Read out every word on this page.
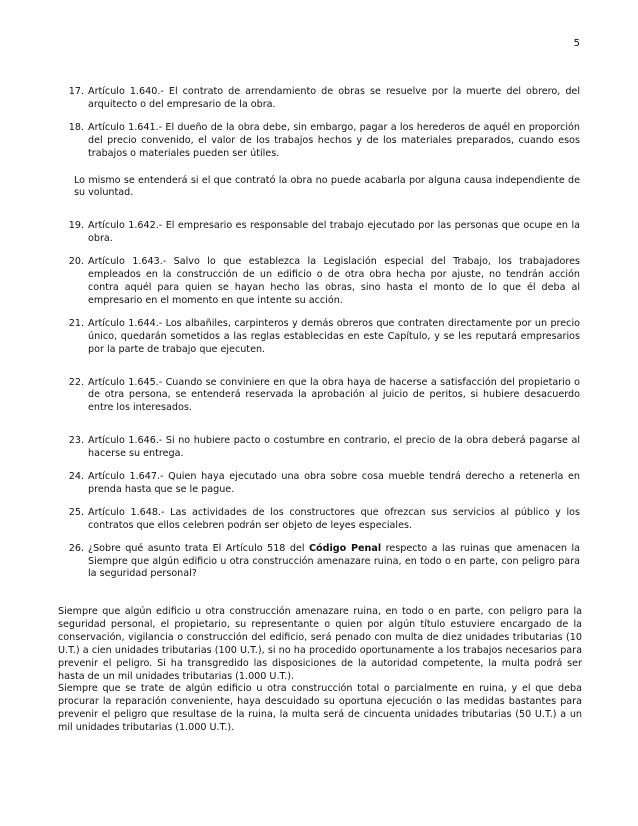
5
17. Artículo 1.640.- El contrato de arrendamiento de obras se resuelve por la muerte del obrero, del arquitecto o del empresario de la obra.
18. Artículo 1.641.- El dueño de la obra debe, sin embargo, pagar a los herederos de aquél en proporción del precio convenido, el valor de los trabajos hechos y de los materiales preparados, cuando esos trabajos o materiales pueden ser útiles.

Lo mismo se entenderá si el que contrató la obra no puede acabarla por alguna causa independiente de su voluntad.

19. Artículo 1.642.- El empresario es responsable del trabajo ejecutado por las personas que ocupe en la obra.
20. Artículo 1.643.- Salvo lo que establezca la Legislación especial del Trabajo, los trabajadores empleados en la construcción de un edificio o de otra obra hecha por ajuste, no tendrán acción contra aquél para quien se hayan hecho las obras, sino hasta el monto de lo que él deba al empresario en el momento en que intente su acción.
21. Artículo 1.644.- Los albañiles, carpinteros y demás obreros que contraten directamente por un precio único, quedarán sometidos a las reglas establecidas en este Capítulo, y se les reputará empresarios por la parte de trabajo que ejecuten.
22. Artículo 1.645.- Cuando se conviniere en que la obra haya de hacerse a satisfacción del propietario o de otra persona, se entenderá reservada la aprobación al juicio de peritos, si hubiere desacuerdo entre los interesados.
23. Artículo 1.646.- Si no hubiere pacto o costumbre en contrario, el precio de la obra deberá pagarse al hacerse su entrega.
24. Artículo 1.647.- Quien haya ejecutado una obra sobre cosa mueble tendrá derecho a retenerla en prenda hasta que se le pague.
25. Artículo 1.648.- Las actividades de los constructores que ofrezcan sus servicios al público y los contratos que ellos celebren podrán ser objeto de leyes especiales.
26. ¿Sobre qué asunto trata El Artículo 518 del Código Penal respecto a las ruinas que amenacen la Siempre que algún edificio u otra construcción amenazare ruina, en todo o en parte, con peligro para la seguridad personal?

Siempre que algún edificio u otra construcción amenazare ruina, en todo o en parte, con peligro para la seguridad personal, el propietario, su representante o quien por algún título estuviere encargado de la conservación, vigilancia o construcción del edificio, será penado con multa de diez unidades tributarias (10 U.T.) a cien unidades tributarias (100 U.T.), si no ha procedido oportunamente a los trabajos necesarios para prevenir el peligro. Si ha transgredido las disposiciones de la autoridad competente, la multa podrá ser hasta de un mil unidades tributarias (1.000 U.T.).

Siempre que se trate de algún edificio u otra construcción total o parcialmente en ruina, y el que deba procurar la reparación conveniente, haya descuidado su oportuna ejecución o las medidas bastantes para prevenir el peligro que resultase de la ruina, la multa será de cincuenta unidades tributarias (50 U.T.) a un mil unidades tributarias (1.000 U.T.).
